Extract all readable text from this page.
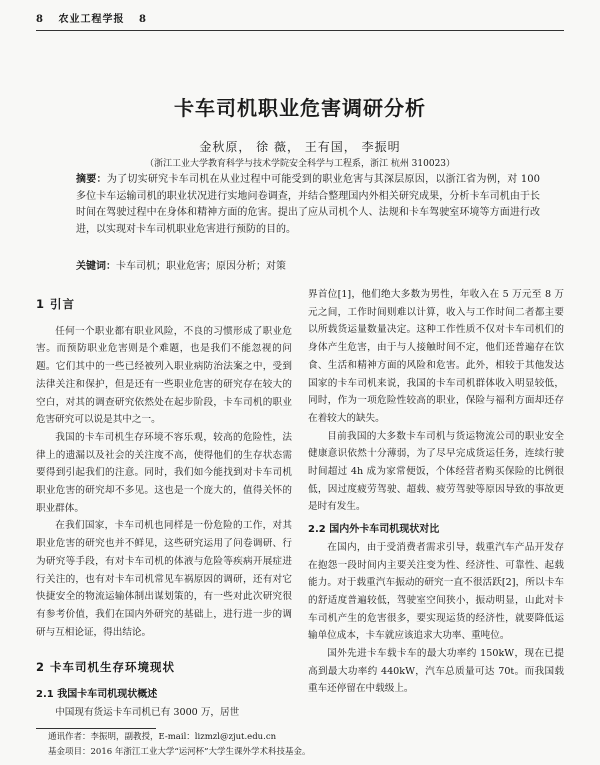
8 农业工程学报 8
卡车司机职业危害调研分析
金秋原， 徐 薇， 王有国， 李振明
（浙江工业大学教育科学与技术学院安全科学与工程系，浙江 杭州 310023）
摘要：为了切实研究卡车司机在从业过程中可能受到的职业危害与其深层原因，以浙江省为例，对 100 多位卡车运输司机的职业状况进行实地问卷调查，并结合整理国内外相关研究成果，分析卡车司机由于长时间在驾驶过程中在身体和精神方面的危害。提出了应从司机个人、法规和卡车驾驶室环境等方面进行改进，以实现对卡车司机职业危害进行预防的目的。
关键词：卡车司机；职业危害；原因分析；对策
1 引言

任何一个职业都有职业风险，不良的习惯形成了职业危害。而预防职业危害则是个难题，也是我们不能忽视的问题。它们其中的一些已经被列入职业病防治法案之中，受到法律关注和保护，但是还有一些职业危害的研究存在较大的空白，对其的调查研究依然处在起步阶段，卡车司机的职业危害研究可以说是其中之一。

我国的卡车司机生存环境不容乐观，较高的危险性，法律上的遗漏以及社会的关注度不高，使得他们的生存状态需要得到引起我们的注意。同时，我们如今能找到对卡车司机职业危害的研究却不多见。这也是一个庞大的，值得关怀的职业群体。

在我们国家，卡车司机也同样是一份危险的工作，对其职业危害的研究也并不鲜见，这些研究运用了问卷调研、行为研究等手段，有对卡车司机的体液与危险等疾病开展症进行关注的，也有对卡车司机常见车祸原因的调研，还有对它快捷安全的物流运输体制出谋划策的，有一些对此次研究很有参考价值，我们在国内外研究的基础上，进行进一步的调研与互相论证，得出结论。

2 卡车司机生存环境现状
2.1 我国卡车司机现状概述

中国现有货运卡车司机已有 3000 万，居世

界首位[1]，他们绝大多数为男性，年收入在 5 万元至 8 万元之间，工作时间则难以计算，收入与工作时间二者都主要以所载货运量数量决定。这种工作性质不仅对卡车司机们的身体产生危害，由于与人接触时间不定，他们还普遍存在饮食、生活和精神方面的风险和危害。此外，相较于其他发达国家的卡车司机来说，我国的卡车司机群体收入明显较低，同时，作为一项危险性较高的职业，保险与福利方面却还存在着较大的缺失。

目前我国的大多数卡车司机与货运物流公司的职业安全健康意识依然十分薄弱，为了尽早完成货运任务，连续行驶时间超过 4h 成为家常便饭，个体经营者购买保险的比例很低，因过度疲劳驾驶、超载、疲劳驾驶等原因导致的事故更是时有发生。

2.2 国内外卡车司机现状对比

在国内，由于受消费者需求引导，载重汽车产品开发存在抱怨一段时间内主要关注变为性、经济性、可靠性、起载能力。对于载重汽车振动的研究一直不很活跃[2]，所以卡车的舒适度普遍较低，驾驶室空间狭小，振动明显，山此对卡车司机产生的危害很多，要实现运货的经济性，就要降低运输单位成本，卡车就应该追求大功率、重吨位。

国外先进卡车载卡车的最大功率约 150kW，现在已提高到最大功率约 440kW，汽车总质量可达 70t。而我国载重车还停留在中载级上。

通讯作者：李振明，副教授，E-mail：lizmzl@zjut.edu.cn
基金项目：2016 年浙江工业大学“运河杯”大学生课外学术科技基金。
